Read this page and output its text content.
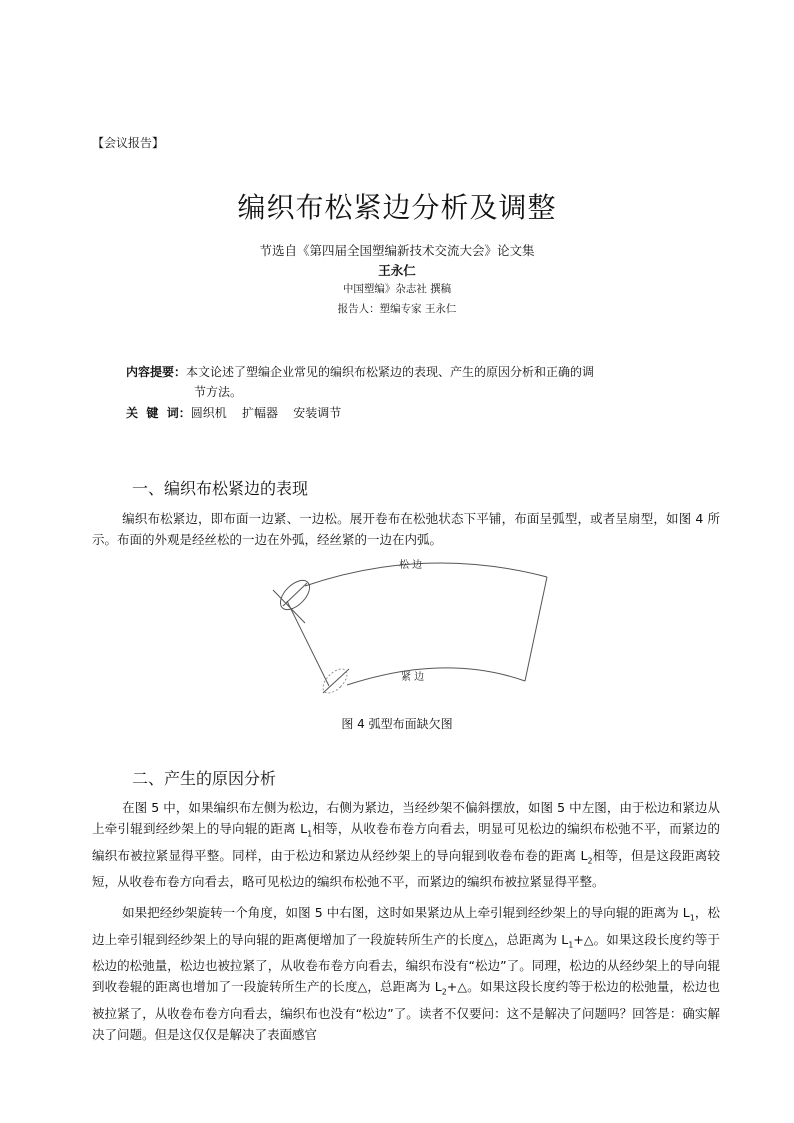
【会议报告】
编织布松紧边分析及调整
节选自《第四届全国塑编新技术交流大会》论文集
王永仁
中国塑编》杂志社 撰稿
报告人：塑编专家 王永仁
内容提要：本文论述了塑编企业常见的编织布松紧边的表现、产生的原因分析和正确的调
节方法。
关  键  词：圆织机    扩幅器    安装调节
一、编织布松紧边的表现
编织布松紧边，即布面一边紧、一边松。展开卷布在松弛状态下平铺，布面呈弧型，或者呈扇型，如图 4 所示。布面的外观是经丝松的一边在外弧，经丝紧的一边在内弧。
松 边
紧 边
图 4 弧型布面缺欠图
二、产生的原因分析
在图 5 中，如果编织布左侧为松边，右侧为紧边，当经纱架不偏斜摆放，如图 5 中左图，由于松边和紧边从上牵引辊到经纱架上的导向辊的距离 $L_1$相等，从收卷布卷方向看去，明显可见松边的编织布松弛不平，而紧边的编织布被拉紧显得平整。同样，由于松边和紧边从经纱架上的导向辊到收卷布卷的距离 $L_2$相等，但是这段距离较短，从收卷布卷方向看去，略可见松边的编织布松弛不平，而紧边的编织布被拉紧显得平整。
如果把经纱架旋转一个角度，如图 5 中右图，这时如果紧边从上牵引辊到经纱架上的导向辊的距离为 $L_1$，松边上牵引辊到经纱架上的导向辊的距离便增加了一段旋转所生产的长度△，总距离为 $L_1+\triangle$。如果这段长度约等于松边的松弛量，松边也被拉紧了，从收卷布卷方向看去，编织布没有“松边”了。同理，松边的从经纱架上的导向辊到收卷辊的距离也增加了一段旋转所生产的长度△，总距离为 $L_2+\triangle$。如果这段长度约等于松边的松弛量，松边也被拉紧了，从收卷布卷方向看去，编织布也没有“松边”了。读者不仅要问：这不是解决了问题吗？回答是：确实解决了问题。但是这仅仅是解决了表面感官
